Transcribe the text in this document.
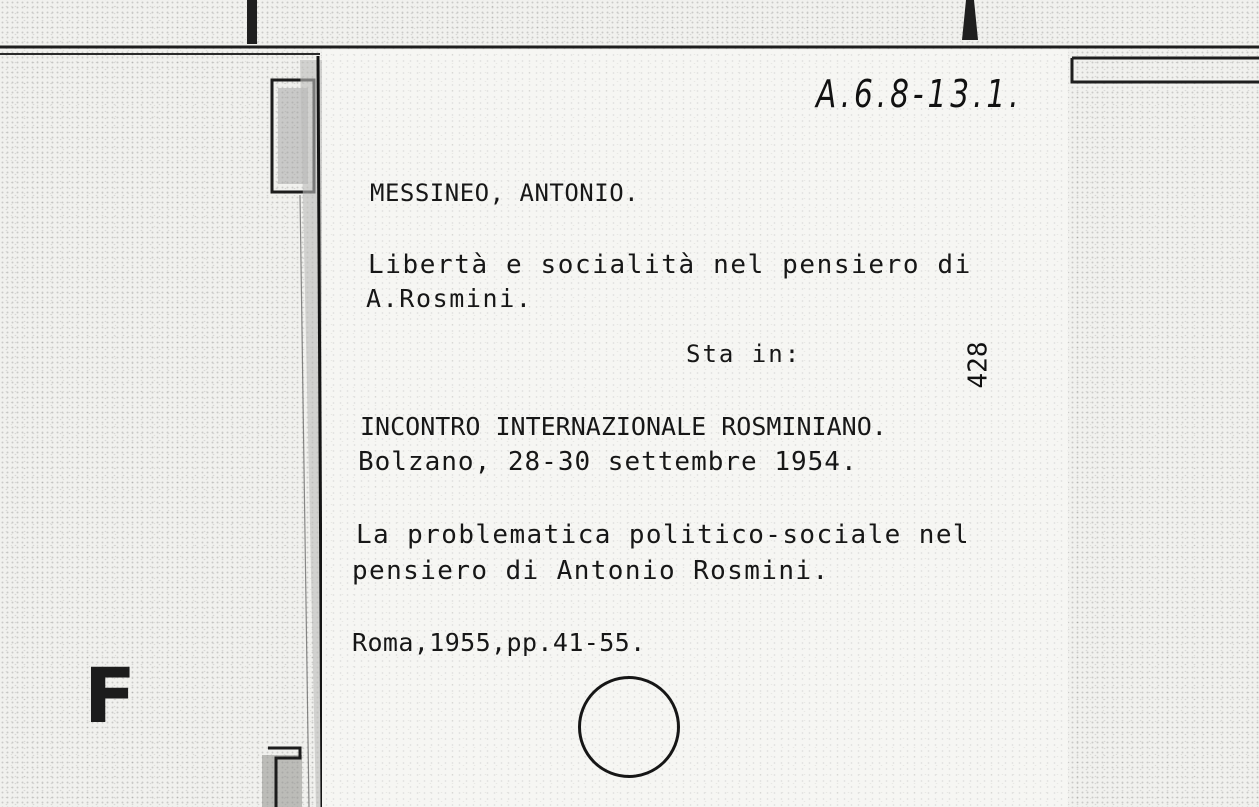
A.6.8-13.1.
MESSINEO, ANTONIO.
Libertà e socialità nel pensiero di
A.Rosmini.
Sta in:	428
INCONTRO INTERNAZIONALE ROSMINIANO.
Bolzano, 28-30 settembre 1954.
La problematica politico-sociale nel
pensiero di Antonio Rosmini.
Roma,1955,pp.41-55.
F
